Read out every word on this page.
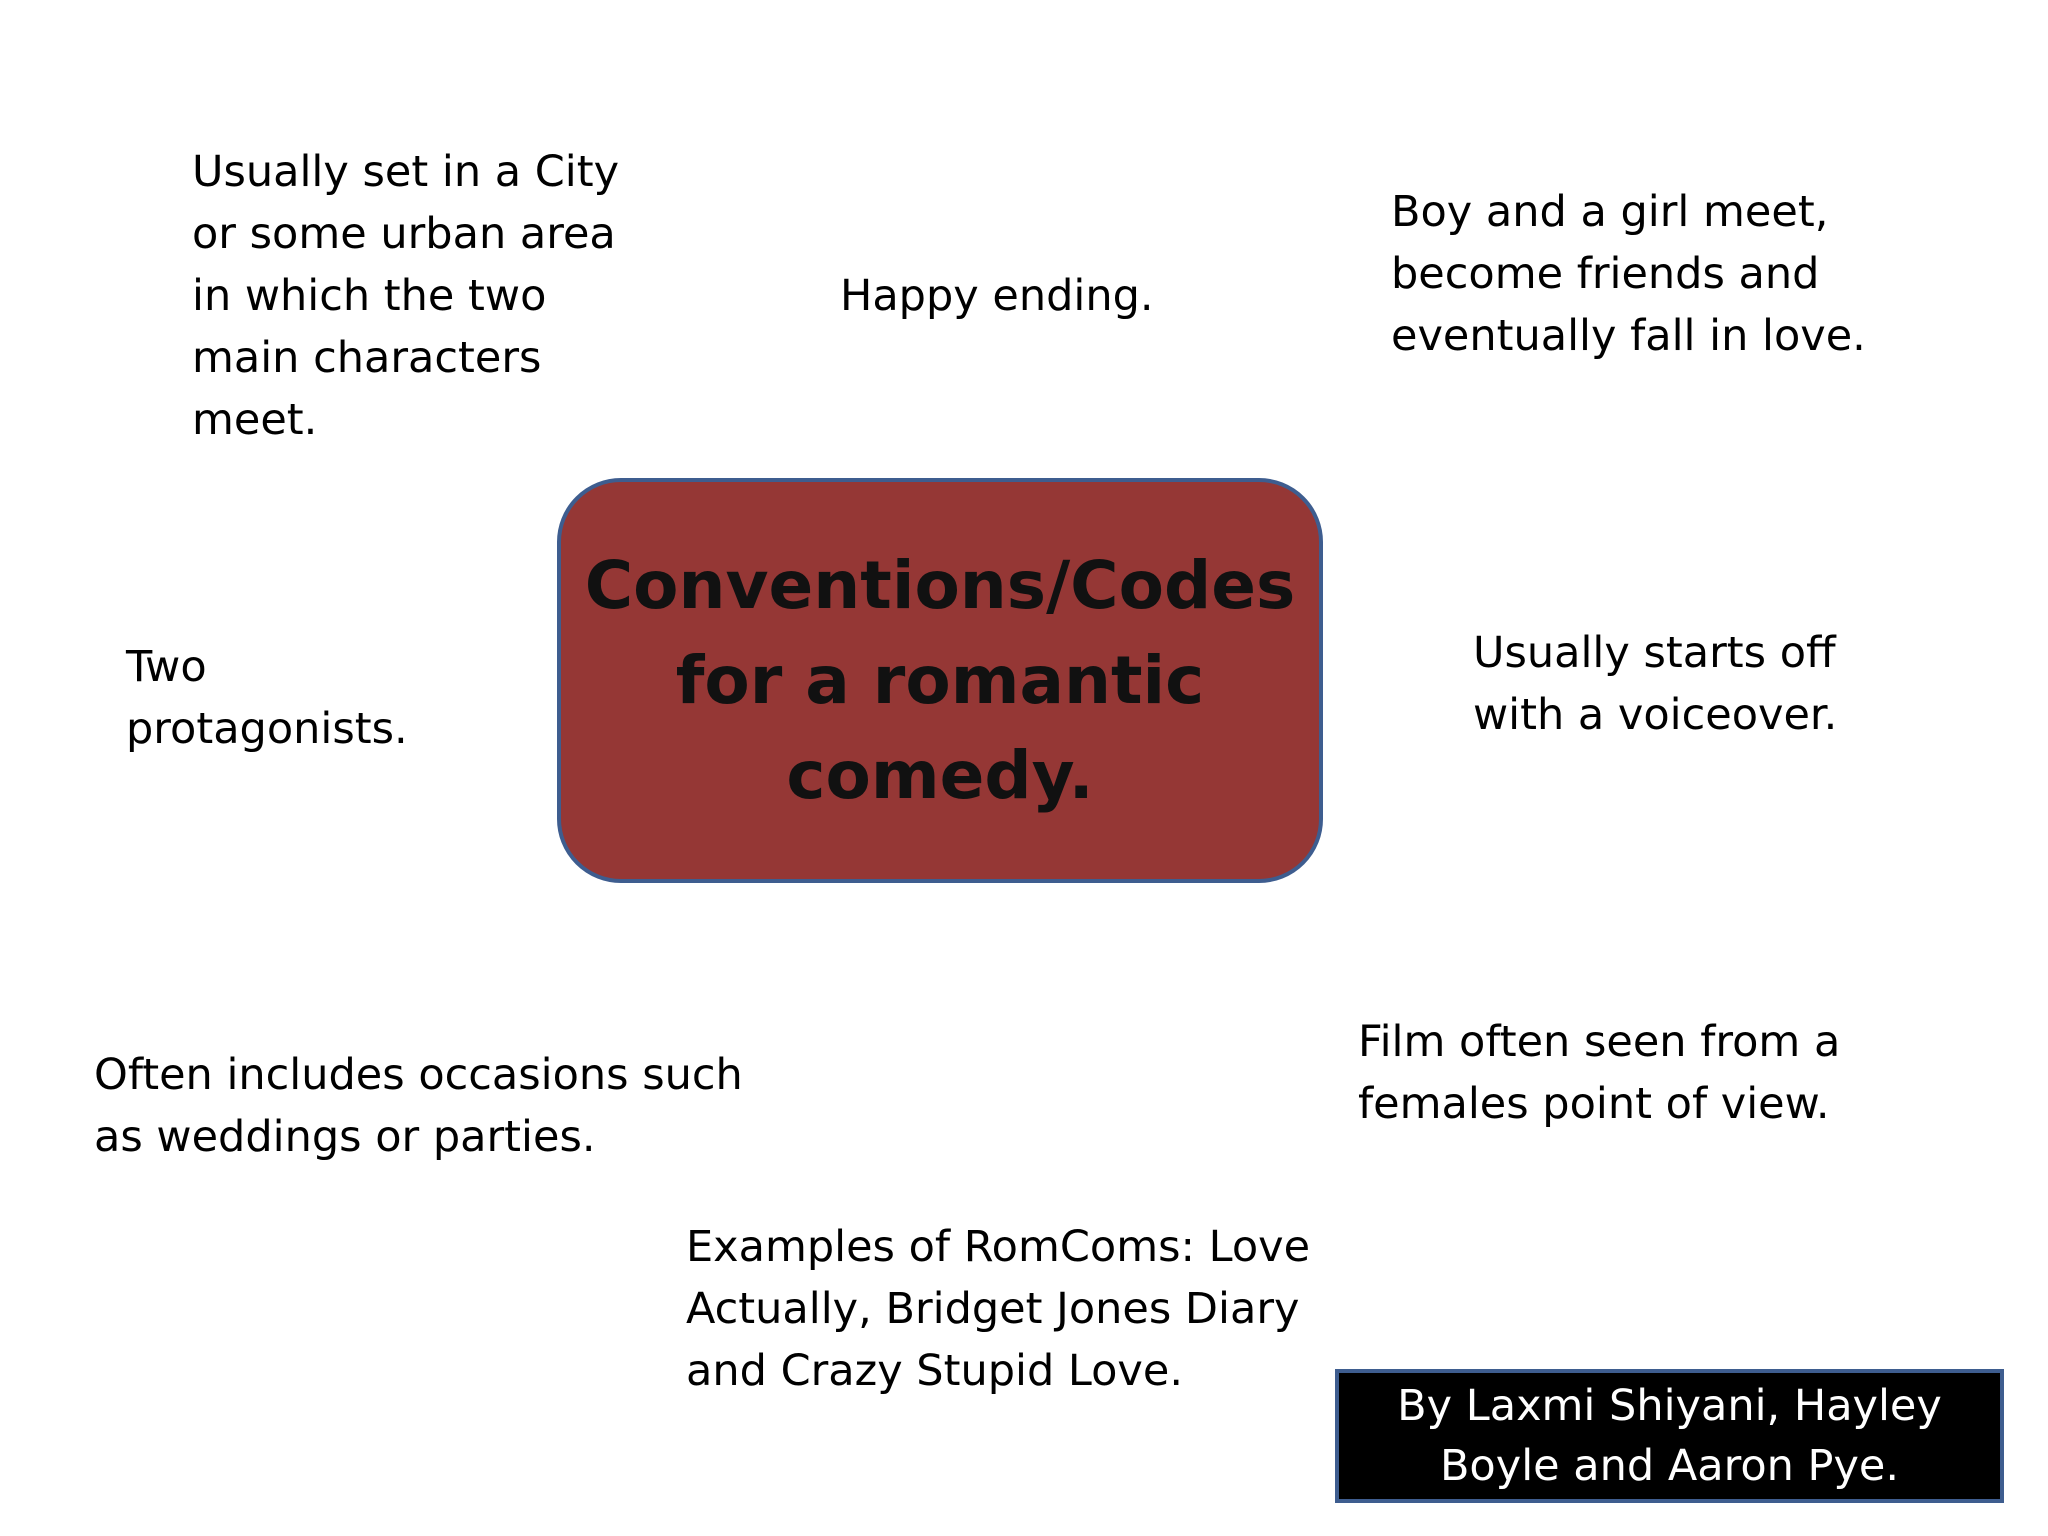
Usually set in a City
or some urban area
in which the two
main characters
meet.
Happy ending.
Boy and a girl meet,
become friends and
eventually fall in love.
Two
protagonists.
Usually starts off
with a voiceover.
Often includes occasions such
as weddings or parties.
Film often seen from a
females point of view.
Examples of RomComs: Love
Actually, Bridget Jones Diary
and Crazy Stupid Love.
Conventions/Codes
for a romantic
comedy.
By Laxmi Shiyani, Hayley
Boyle and Aaron Pye.
